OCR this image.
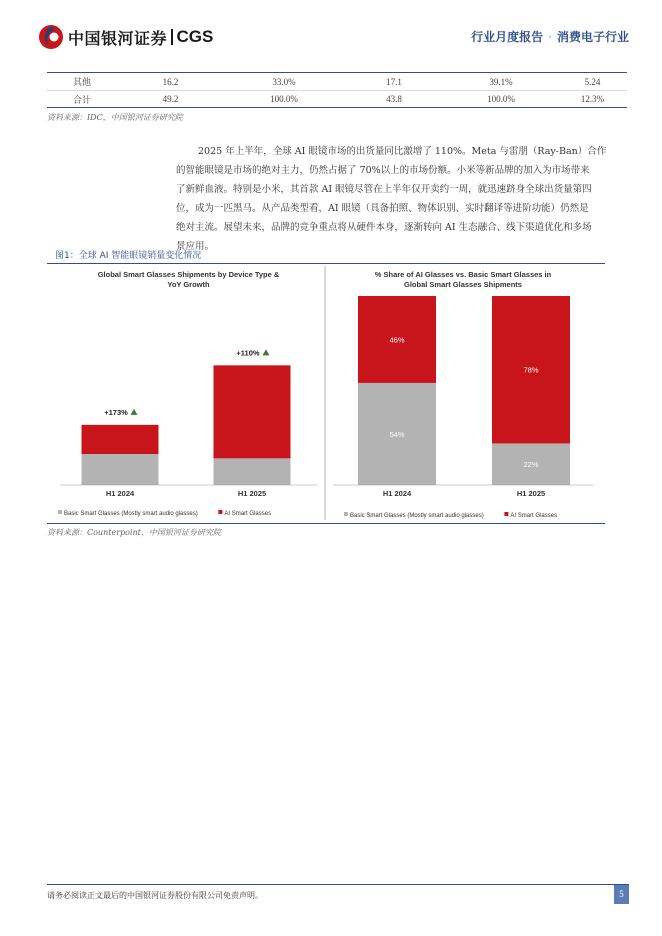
中国银河证券 CGS	行业月度报告 · 消费电子行业
其他	16.2	33.0%	17.1	39.1%	5.24
合计	49.2	100.0%	43.8	100.0%	12.3%
资料来源：IDC，中国银河证券研究院
2025 年上半年，全球 AI 眼镜市场的出货量同比激增了 110%。Meta 与雷朋（Ray-Ban）合作
的智能眼镜是市场的绝对主力，仍然占据了 70%以上的市场份额。小米等新品牌的加入为市场带来
了新鲜血液。特别是小米，其首款 AI 眼镜尽管在上半年仅开卖约一周，就迅速跻身全球出货量第四
位，成为一匹黑马。从产品类型看，AI 眼镜（具备拍照、物体识别、实时翻译等进阶功能）仍然是
绝对主流。展望未来，品牌的竞争重点将从硬件本身，逐渐转向 AI 生态融合、线下渠道优化和多场
景应用。
图1：全球 AI 智能眼镜销量变化情况
Global Smart Glasses Shipments by Device Type &
YoY Growth
H1 2024
+173%
H1 2025
+110%
Basic Smart Glasses (Mostly smart audio glasses)	AI Smart Glasses
% Share of AI Glasses vs. Basic Smart Glasses in
Global Smart Glasses Shipments
54%
46%
H1 2024
22%
78%
H1 2025
Basic Smart Glasses (Mostly smart audio glasses)	AI Smart Glasses
资料来源：Counterpoint，中国银河证券研究院
请务必阅读正文最后的中国银河证券股份有限公司免责声明。	5
